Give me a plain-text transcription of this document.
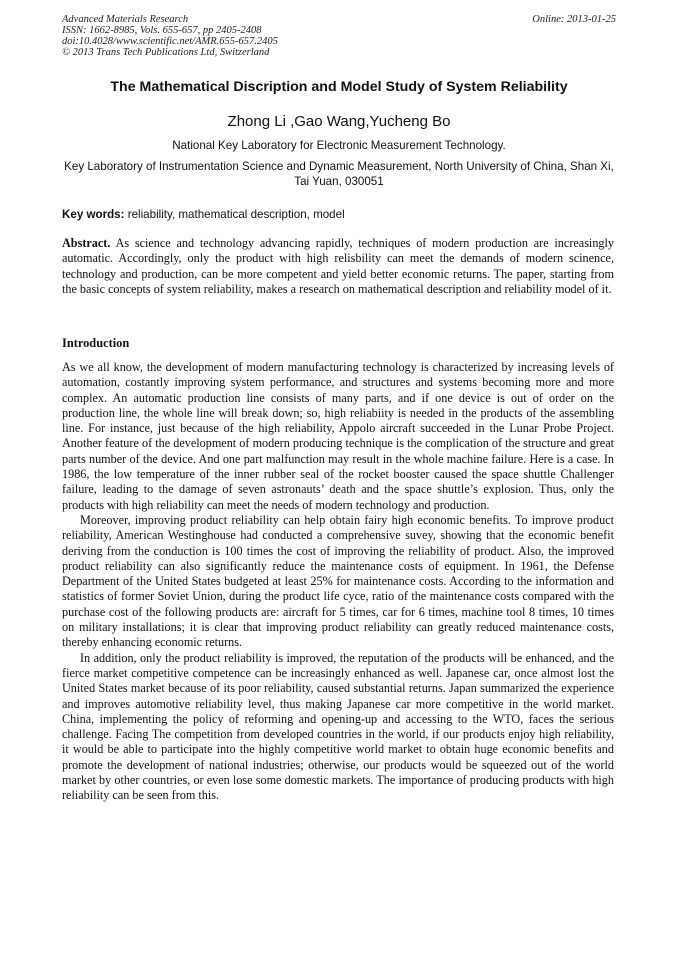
Advanced Materials Research
ISSN: 1662-8985, Vols. 655-657, pp 2405-2408
doi:10.4028/www.scientific.net/AMR.655-657.2405
© 2013 Trans Tech Publications Ltd, Switzerland
Online: 2013-01-25
The Mathematical Discription and Model Study of System Reliability
Zhong Li ,Gao Wang,Yucheng Bo
National Key Laboratory for Electronic Measurement Technology.
Key Laboratory of Instrumentation Science and Dynamic Measurement, North University of China, Shan Xi, Tai Yuan, 030051
Key words: reliability, mathematical description, model

Abstract. As science and technology advancing rapidly, techniques of modern production are increasingly automatic. Accordingly, only the product with high relisbility can meet the demands of modern scinence, technology and production, can be more competent and yield better economic returns. The paper, starting from the basic concepts of system reliability, makes a research on mathematical description and reliability model of it.

Introduction

As we all know, the development of modern manufacturing technology is characterized by increasing levels of automation, costantly improving system performance, and structures and systems becoming more and more complex. An automatic production line consists of many parts, and if one device is out of order on the production line, the whole line will break down; so, high reliabiity is needed in the products of the assembling line. For instance, just because of the high reliability, Appolo aircraft succeeded in the Lunar Probe Project. Another feature of the development of modern producing technique is the complication of the structure and great parts number of the device. And one part malfunction may result in the whole machine failure. Here is a case. In 1986, the low temperature of the inner rubber seal of the rocket booster caused the space shuttle Challenger failure, leading to the damage of seven astronauts’ death and the space shuttle’s explosion. Thus, only the products with high reliability can meet the needs of modern technology and production.

Moreover, improving product reliability can help obtain fairy high economic benefits. To improve product reliability, American Westinghouse had conducted a comprehensive suvey, showing that the economic benefit deriving from the conduction is 100 times the cost of improving the reliability of product. Also, the improved product reliability can also significantly reduce the maintenance costs of equipment. In 1961, the Defense Department of the United States budgeted at least 25% for maintenance costs. According to the information and statistics of former Soviet Union, during the product life cyce, ratio of the maintenance costs compared with the purchase cost of the following products are: aircraft for 5 times, car for 6 times, machine tool 8 times, 10 times on military installations; it is clear that improving product reliability can greatly reduced maintenance costs, thereby enhancing economic returns.

In addition, only the product reliability is improved, the reputation of the products will be enhanced, and the fierce market competitive competence can be increasingly enhanced as well. Japanese car, once almost lost the United States market because of its poor reliability, caused substantial returns. Japan summarized the experience and improves automotive reliability level, thus making Japanese car more competitive in the world market. China, implementing the policy of reforming and opening-up and accessing to the WTO, faces the serious challenge. Facing The competition from developed countries in the world, if our products enjoy high reliability, it would be able to participate into the highly competitive world market to obtain huge economic benefits and promote the development of national industries; otherwise, our products would be squeezed out of the world market by other countries, or even lose some domestic markets. The importance of producing products with high reliability can be seen from this.
